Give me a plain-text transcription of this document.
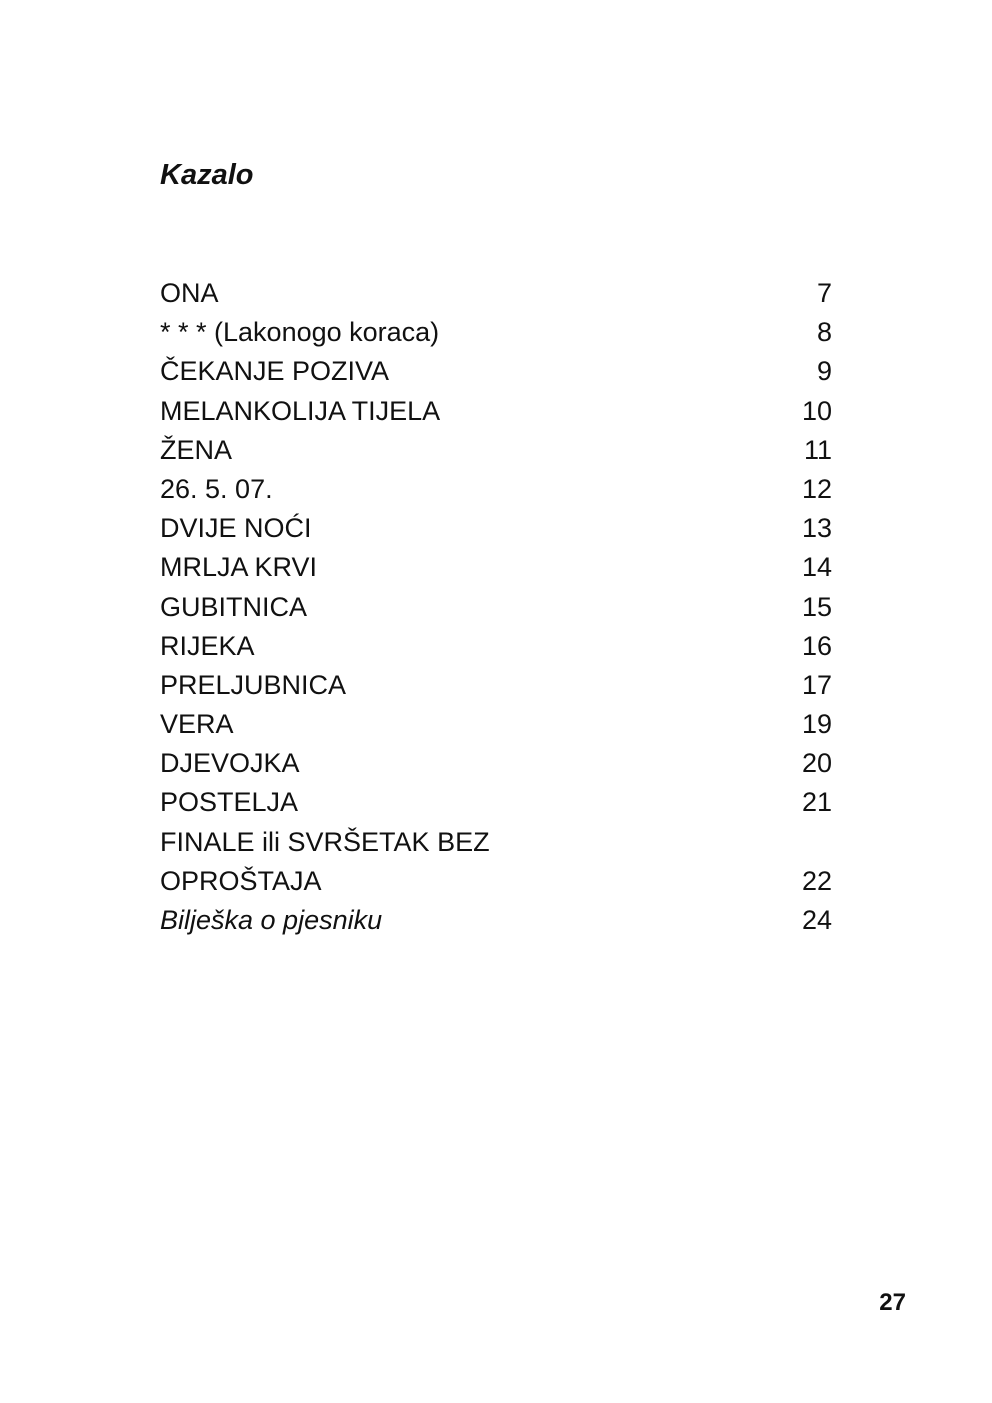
Kazalo
ONA	7
* * * (Lakonogo koraca)	8
ČEKANJE POZIVA	9
MELANKOLIJA TIJELA	10
ŽENA	11
26. 5. 07.	12
DVIJE NOĆI	13
MRLJA KRVI	14
GUBITNICA	15
RIJEKA	16
PRELJUBNICA	17
VERA	19
DJEVOJKA	20
POSTELJA	21
FINALE ili SVRŠETAK BEZ
OPROŠTAJA	22
Bilješka o pjesniku	24
27
